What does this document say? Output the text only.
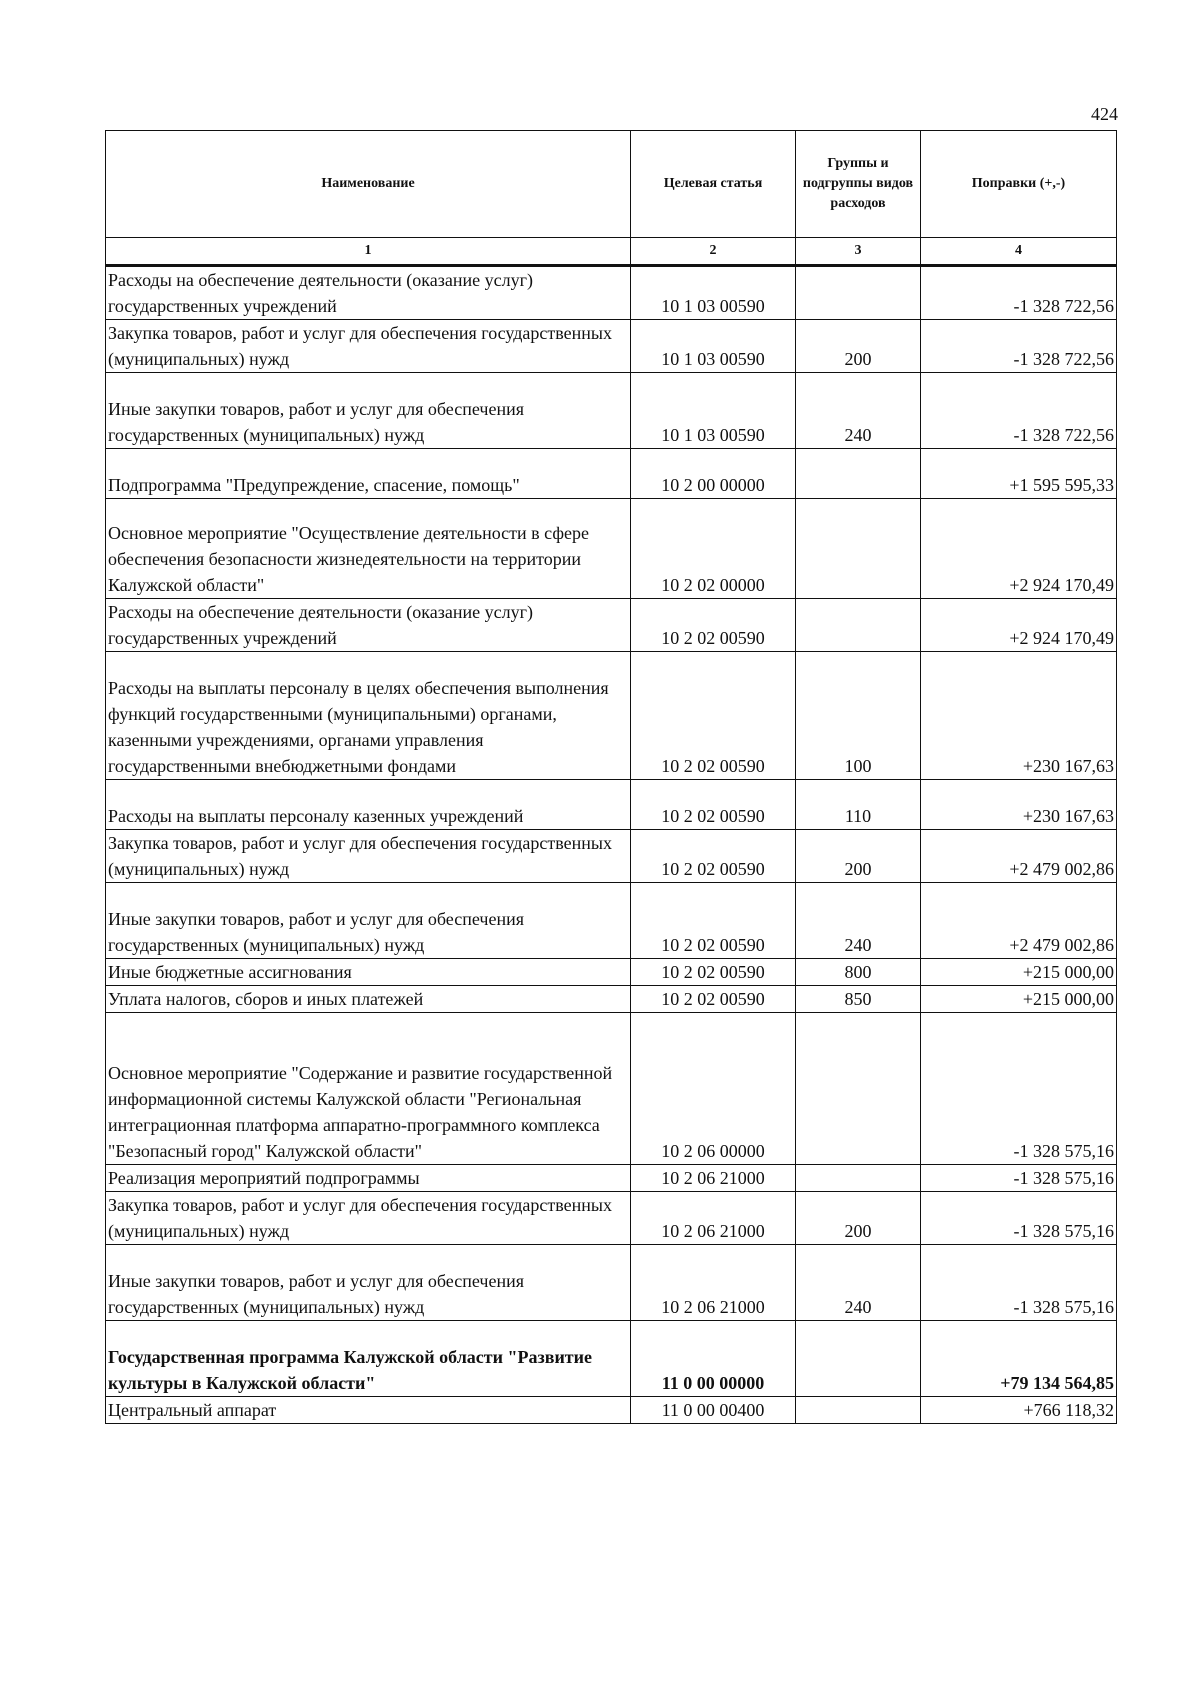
424
Наименование	Целевая статья	Группы и подгруппы видов расходов	Поправки (+,-)
1	2	3	4
Расходы на обеспечение деятельности (оказание услуг) государственных учреждений	10 1 03 00590		-1 328 722,56
Закупка товаров, работ и услуг для обеспечения государственных (муниципальных) нужд	10 1 03 00590	200	-1 328 722,56
Иные закупки товаров, работ и услуг для обеспечения государственных (муниципальных) нужд	10 1 03 00590	240	-1 328 722,56
Подпрограмма "Предупреждение, спасение, помощь"	10 2 00 00000		+1 595 595,33
Основное мероприятие "Осуществление деятельности в сфере обеспечения безопасности жизнедеятельности на территории Калужской области"	10 2 02 00000		+2 924 170,49
Расходы на обеспечение деятельности (оказание услуг) государственных учреждений	10 2 02 00590		+2 924 170,49
Расходы на выплаты персоналу в целях обеспечения выполнения функций государственными (муниципальными) органами, казенными учреждениями, органами управления государственными внебюджетными фондами	10 2 02 00590	100	+230 167,63
Расходы на выплаты персоналу казенных учреждений	10 2 02 00590	110	+230 167,63
Закупка товаров, работ и услуг для обеспечения государственных (муниципальных) нужд	10 2 02 00590	200	+2 479 002,86
Иные закупки товаров, работ и услуг для обеспечения государственных (муниципальных) нужд	10 2 02 00590	240	+2 479 002,86
Иные бюджетные ассигнования	10 2 02 00590	800	+215 000,00
Уплата налогов, сборов и иных платежей	10 2 02 00590	850	+215 000,00
Основное мероприятие "Содержание и развитие государственной информационной системы Калужской области "Региональная интеграционная платформа аппаратно-программного комплекса "Безопасный город" Калужской области"	10 2 06 00000		-1 328 575,16
Реализация мероприятий подпрограммы	10 2 06 21000		-1 328 575,16
Закупка товаров, работ и услуг для обеспечения государственных (муниципальных) нужд	10 2 06 21000	200	-1 328 575,16
Иные закупки товаров, работ и услуг для обеспечения государственных (муниципальных) нужд	10 2 06 21000	240	-1 328 575,16
Государственная программа Калужской области "Развитие культуры в Калужской области"	11 0 00 00000		+79 134 564,85
Центральный аппарат	11 0 00 00400		+766 118,32
